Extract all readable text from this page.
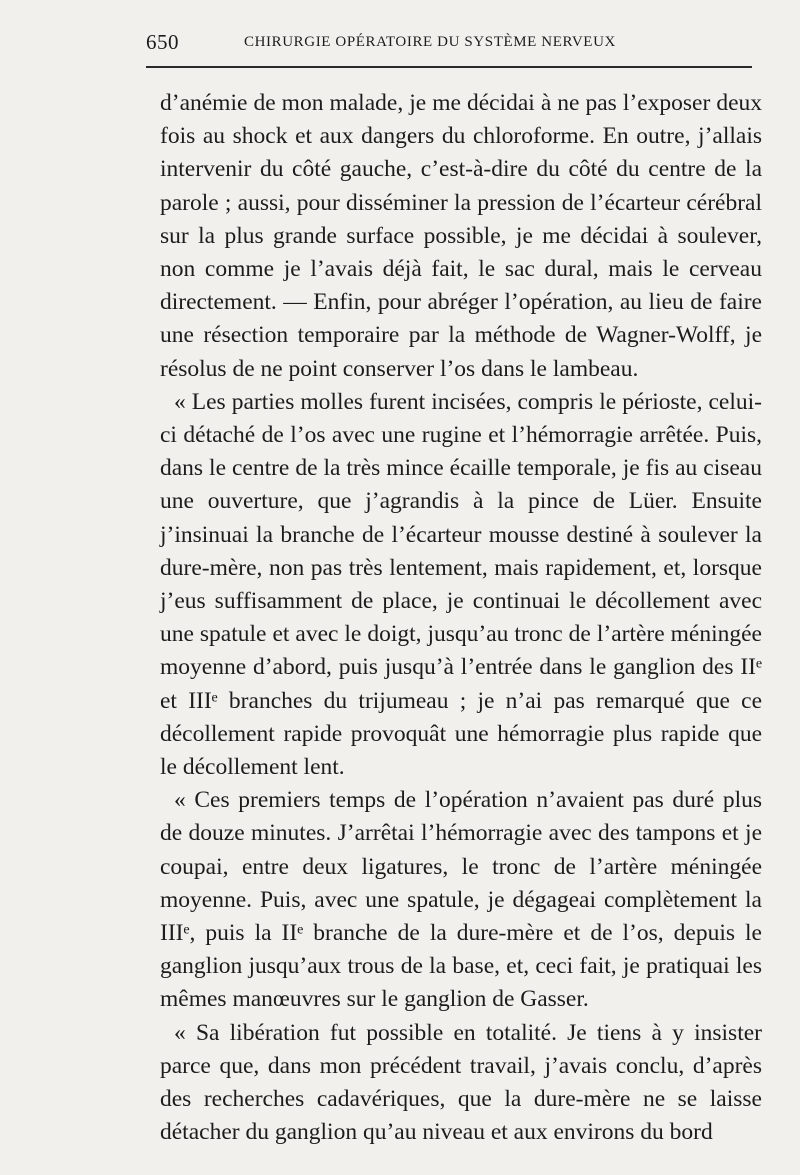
650	CHIRURGIE OPÉRATOIRE DU SYSTÈME NERVEUX

d’anémie de mon malade, je me décidai à ne pas l’exposer deux fois au shock et aux dangers du chloroforme. En outre, j’allais intervenir du côté gauche, c’est-à-dire du côté du centre de la parole ; aussi, pour disséminer la pression de l’écarteur cérébral sur la plus grande surface possible, je me décidai à soulever, non comme je l’avais déjà fait, le sac dural, mais le cerveau directement. — Enfin, pour abréger l’opération, au lieu de faire une résection temporaire par la méthode de Wagner-Wolff, je résolus de ne point conserver l’os dans le lambeau.

« Les parties molles furent incisées, compris le périoste, celui-ci détaché de l’os avec une rugine et l’hémorragie arrêtée. Puis, dans le centre de la très mince écaille temporale, je fis au ciseau une ouverture, que j’agrandis à la pince de Lüer. Ensuite j’insinuai la branche de l’écarteur mousse destiné à soulever la dure-mère, non pas très lentement, mais rapidement, et, lorsque j’eus suffisamment de place, je continuai le décollement avec une spatule et avec le doigt, jusqu’au tronc de l’artère méningée moyenne d’abord, puis jusqu’à l’entrée dans le ganglion des IIᵉ et IIIᵉ branches du trijumeau ; je n’ai pas remarqué que ce décollement rapide provoquât une hémorragie plus rapide que le décollement lent.

« Ces premiers temps de l’opération n’avaient pas duré plus de douze minutes. J’arrêtai l’hémorragie avec des tampons et je coupai, entre deux ligatures, le tronc de l’artère méningée moyenne. Puis, avec une spatule, je dégageai complètement la IIIᵉ, puis la IIᵉ branche de la dure-mère et de l’os, depuis le ganglion jusqu’aux trous de la base, et, ceci fait, je pratiquai les mêmes manœuvres sur le ganglion de Gasser.

« Sa libération fut possible en totalité. Je tiens à y insister parce que, dans mon précédent travail, j’avais conclu, d’après des recherches cadavériques, que la dure-mère ne se laisse détacher du ganglion qu’au niveau et aux environs du bord
